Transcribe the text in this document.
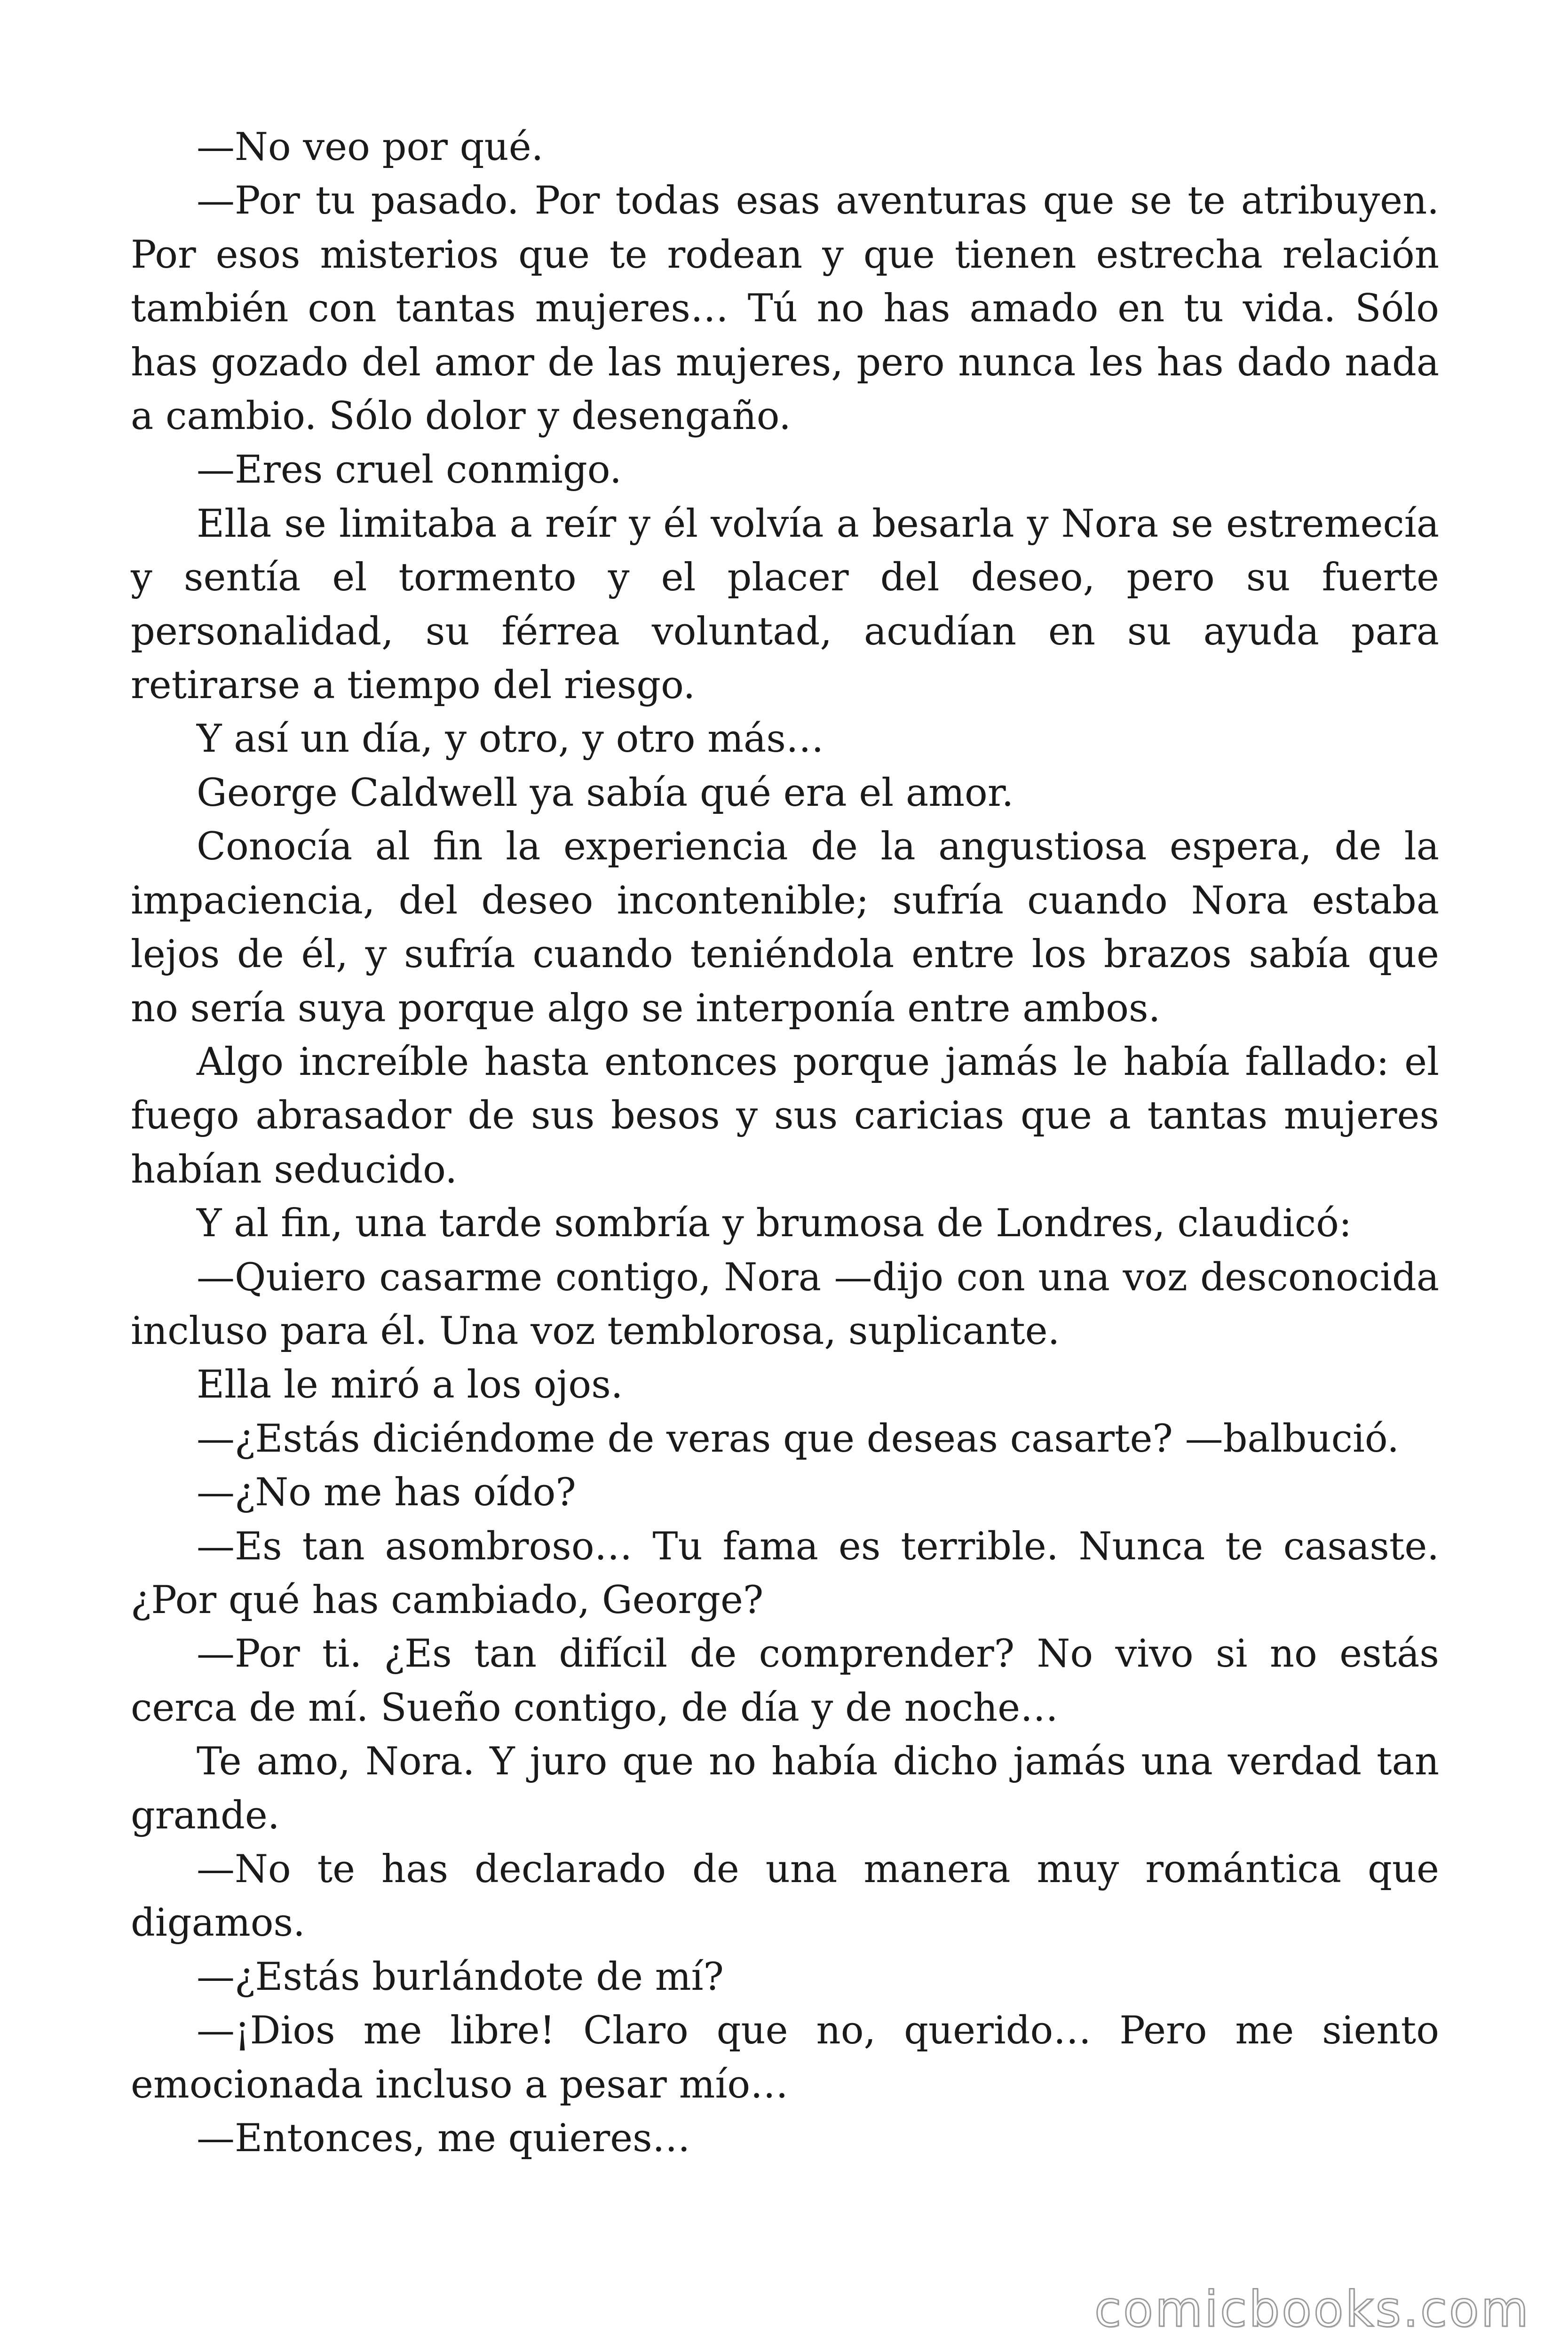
—No veo por qué.

—Por tu pasado. Por todas esas aventuras que se te atribuyen. Por esos misterios que te rodean y que tienen estrecha relación también con tantas mujeres… Tú no has amado en tu vida. Sólo has gozado del amor de las mujeres, pero nunca les has dado nada a cambio. Sólo dolor y desengaño.

—Eres cruel conmigo.

Ella se limitaba a reír y él volvía a besarla y Nora se estremecía y sentía el tormento y el placer del deseo, pero su fuerte personalidad, su férrea voluntad, acudían en su ayuda para retirarse a tiempo del riesgo.

Y así un día, y otro, y otro más…

George Caldwell ya sabía qué era el amor.

Conocía al fin la experiencia de la angustiosa espera, de la impaciencia, del deseo incontenible; sufría cuando Nora estaba lejos de él, y sufría cuando teniéndola entre los brazos sabía que no sería suya porque algo se interponía entre ambos.

Algo increíble hasta entonces porque jamás le había fallado: el fuego abrasador de sus besos y sus caricias que a tantas mujeres habían seducido.

Y al fin, una tarde sombría y brumosa de Londres, claudicó:

—Quiero casarme contigo, Nora —dijo con una voz desconocida incluso para él. Una voz temblorosa, suplicante.

Ella le miró a los ojos.

—¿Estás diciéndome de veras que deseas casarte? —balbució.

—¿No me has oído?

—Es tan asombroso… Tu fama es terrible. Nunca te casaste. ¿Por qué has cambiado, George?

—Por ti. ¿Es tan difícil de comprender? No vivo si no estás cerca de mí. Sueño contigo, de día y de noche…

Te amo, Nora. Y juro que no había dicho jamás una verdad tan grande.

—No te has declarado de una manera muy romántica que digamos.

—¿Estás burlándote de mí?

—¡Dios me libre! Claro que no, querido… Pero me siento emocionada incluso a pesar mío…

—Entonces, me quieres…

comicbooks.com
